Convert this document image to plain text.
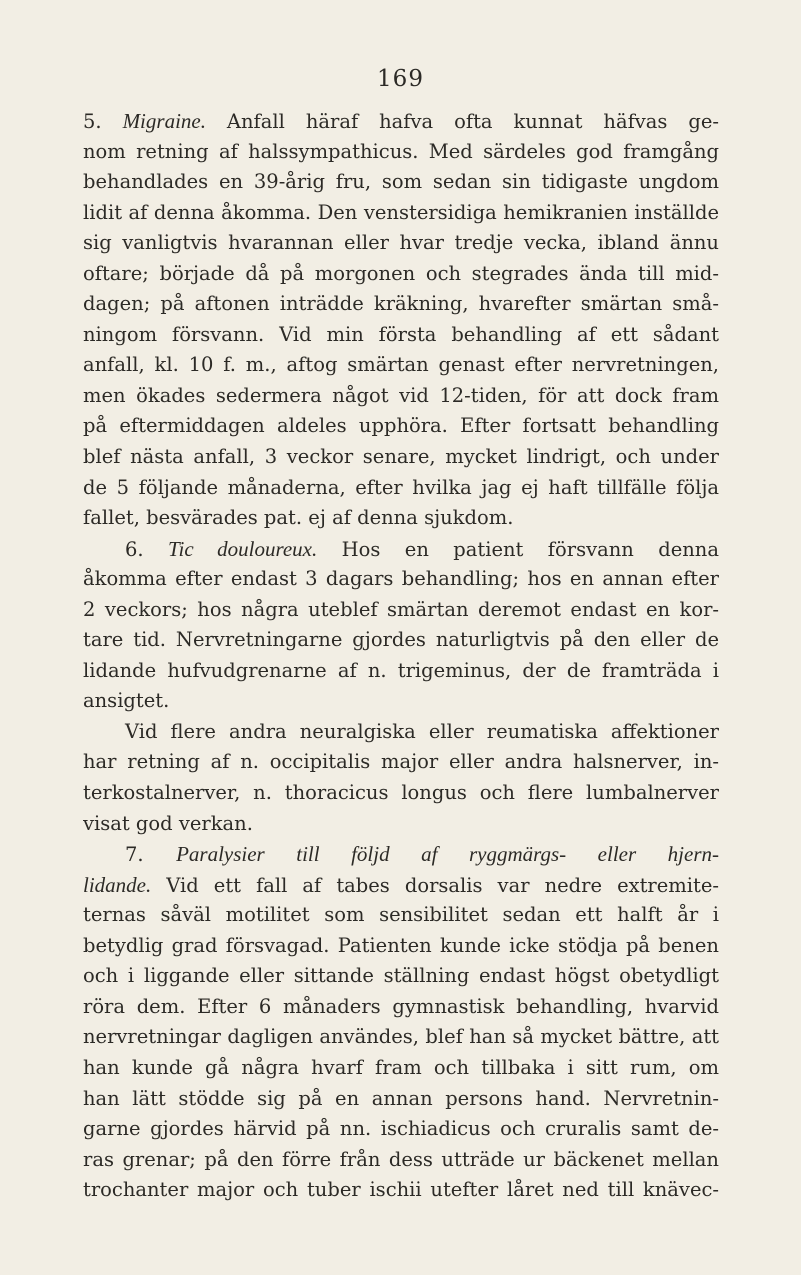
169
5. Migraine. Anfall häraf hafva ofta kunnat häfvas ge-
nom retning af halssympathicus. Med särdeles god framgång
behandlades en 39-årig fru, som sedan sin tidigaste ungdom
lidit af denna åkomma. Den venstersidiga hemikranien inställde
sig vanligtvis hvarannan eller hvar tredje vecka, ibland ännu
oftare; började då på morgonen och stegrades ända till mid-
dagen; på aftonen inträdde kräkning, hvarefter smärtan små-
ningom försvann. Vid min första behandling af ett sådant
anfall, kl. 10 f. m., aftog smärtan genast efter nervretningen,
men ökades sedermera något vid 12-tiden, för att dock fram
på eftermiddagen aldeles upphöra. Efter fortsatt behandling
blef nästa anfall, 3 veckor senare, mycket lindrigt, och under
de 5 följande månaderna, efter hvilka jag ej haft tillfälle följa
fallet, besvärades pat. ej af denna sjukdom.
6. Tic douloureux. Hos en patient försvann denna
åkomma efter endast 3 dagars behandling; hos en annan efter
2 veckors; hos några uteblef smärtan deremot endast en kor-
tare tid. Nervretningarne gjordes naturligtvis på den eller de
lidande hufvudgrenarne af n. trigeminus, der de framträda i
ansigtet.
Vid flere andra neuralgiska eller reumatiska affektioner
har retning af n. occipitalis major eller andra halsnerver, in-
terkostalnerver, n. thoracicus longus och flere lumbalnerver
visat god verkan.
7. Paralysier till följd af ryggmärgs- eller hjern-
lidande. Vid ett fall af tabes dorsalis var nedre extremite-
ternas såväl motilitet som sensibilitet sedan ett halft år i
betydlig grad försvagad. Patienten kunde icke stödja på benen
och i liggande eller sittande ställning endast högst obetydligt
röra dem. Efter 6 månaders gymnastisk behandling, hvarvid
nervretningar dagligen användes, blef han så mycket bättre, att
han kunde gå några hvarf fram och tillbaka i sitt rum, om
han lätt stödde sig på en annan persons hand. Nervretnin-
garne gjordes härvid på nn. ischiadicus och cruralis samt de-
ras grenar; på den förre från dess utträde ur bäckenet mellan
trochanter major och tuber ischii utefter låret ned till knävec-
